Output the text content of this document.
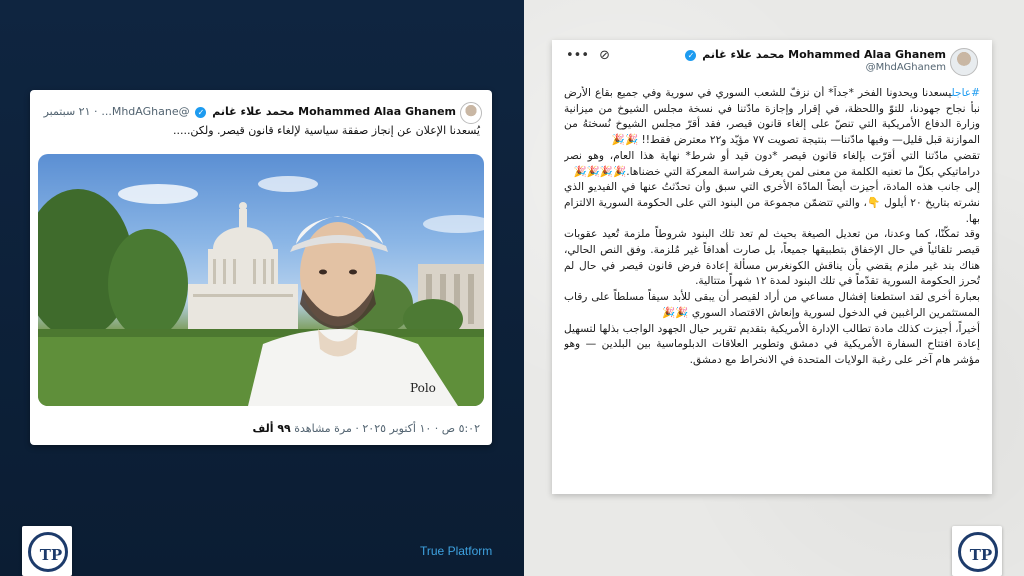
Mohammed Alaa Ghanem محمد علاء غانم ✓ @MhdAGhane... · ٢١ سبتمبر
يُسعدنا الإعلان عن إنجاز صفقة سياسية لإلغاء قانون قيصر. ولكن.....
Polo
٥:٠٢ ص · ١٠ أكتوبر ٢٠٢٥ · مرة مشاهدة ٩٩ ألف
••• ⊘	Mohammed Alaa Ghanem محمد علاء غانم ✓
@MhdAGhanem

#عاجليسعدنا ويحدونا الفخر *جداً* أن نزفّ للشعب السوري في سورية وفي جميع بقاع الأرض نبأ نجاح جهودنا، للتوّ واللحظة، في إقرار وإجازة مادّتنا في نسخة مجلس الشيوخ من ميزانية وزارة الدفاع الأمريكية التي تنصّ على إلغاء قانون قيصر، فقد أقرّ مجلس الشيوخ نُسختهُ من الموازنة قبل قليل— وفيها مادّتنا— بنتيجة تصويت ٧٧ مؤيّد و٢٢ معترض فقط!! 🎉🎉

تقضي مادّتنا التي أقرّت بإلغاء قانون قيصر *دون قيد أو شرط* نهاية هذا العام، وهو نصر دراماتيكي بكلّ ما تعنيه الكلمة من معنى لمن يعرف شراسة المعركة التي خضناها.🎉🎉🎉🎉

إلى جانب هذه المادة، أجيزت أيضاً المادّة الأخرى التي سبق وأن تحدّثتُ عنها في الفيديو الذي نشرته بتاريخ ٢٠ أيلول 👇، والتي تتضمّن مجموعة من البنود التي على الحكومة السورية الالتزام بها.

وقد تمكّنّا، كما وعدنا، من تعديل الصيغة بحيث لم تعد تلك البنود شروطاً ملزمة تُعيد عقوبات قيصر تلقائياً في حال الإخفاق بتطبيقها جميعاً، بل صارت أهدافاً غير مُلزمة. وفق النص الحالي، هناك بند غير ملزم يقضي بأن يناقش الكونغرس مسألة إعادة فرض قانون قيصر في حال لم تُحرز الحكومة السورية تقدّماً في تلك البنود لمدة ١٢ شهراً متتالية.

بعبارة أخرى لقد استطعنا إفشال مساعي من أراد لقيصر أن يبقى للأبد سيفاً مسلطاً على رقاب المستثمرين الراغبين في الدخول لسورية وإنعاش الاقتصاد السوري 🎉🎉

أخيراً، أجيزت كذلك مادة تطالب الإدارة الأمريكية بتقديم تقرير حيال الجهود الواجب بذلها لتسهيل إعادة افتتاح السفارة الأمريكية في دمشق وتطوير العلاقات الدبلوماسية بين البلدين — وهو مؤشر هام آخر على رغبة الولايات المتحدة في الانخراط مع دمشق.

TP	TP
True Platform
